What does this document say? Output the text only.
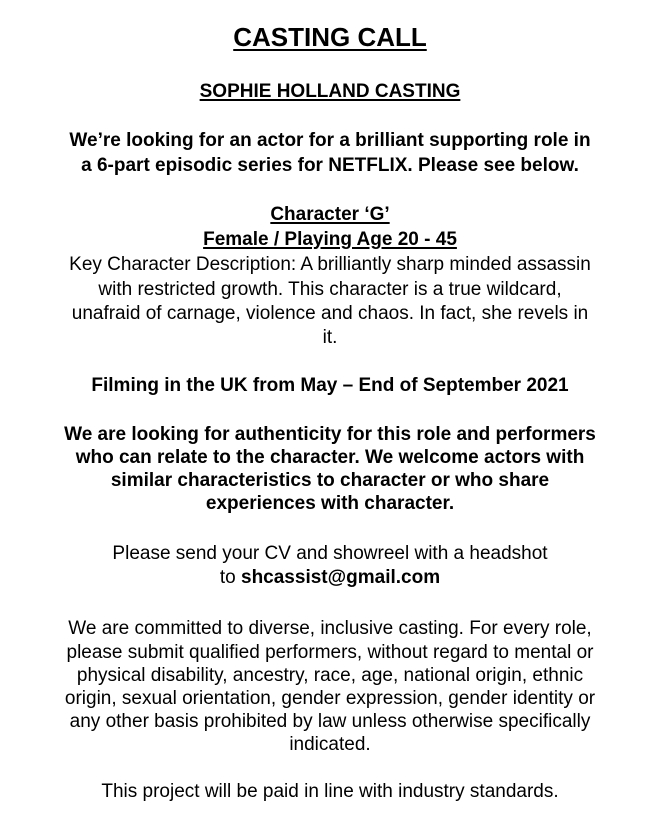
CASTING CALL
SOPHIE HOLLAND CASTING
We’re looking for an actor for a brilliant supporting role in
a 6-part episodic series for NETFLIX. Please see below.
Character ‘G’
Female / Playing Age 20 - 45
Key Character Description: A brilliantly sharp minded assassin
with restricted growth. This character is a true wildcard,
unafraid of carnage, violence and chaos. In fact, she revels in
it.
Filming in the UK from May – End of September 2021
We are looking for authenticity for this role and performers
who can relate to the character. We welcome actors with
similar characteristics to character or who share
experiences with character.
Please send your CV and showreel with a headshot
to shcassist@gmail.com
We are committed to diverse, inclusive casting. For every role,
please submit qualified performers, without regard to mental or
physical disability, ancestry, race, age, national origin, ethnic
origin, sexual orientation, gender expression, gender identity or
any other basis prohibited by law unless otherwise specifically
indicated.
This project will be paid in line with industry standards.
